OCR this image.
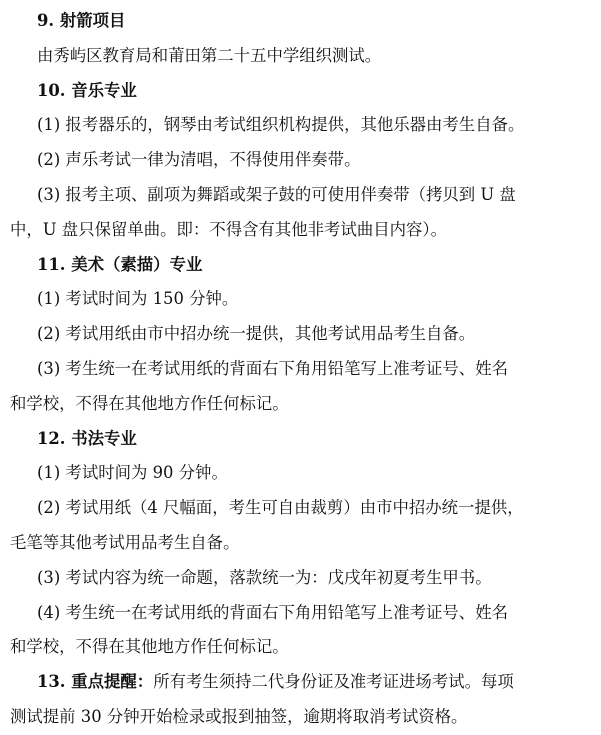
9. 射箭项目
由秀屿区教育局和莆田第二十五中学组织测试。
10. 音乐专业
(1) 报考器乐的，钢琴由考试组织机构提供，其他乐器由考生自备。
(2) 声乐考试一律为清唱，不得使用伴奏带。
(3) 报考主项、副项为舞蹈或架子鼓的可使用伴奏带（拷贝到 U 盘
中，U 盘只保留单曲。即：不得含有其他非考试曲目内容）。
11. 美术（素描）专业
(1) 考试时间为 150 分钟。
(2) 考试用纸由市中招办统一提供，其他考试用品考生自备。
(3) 考生统一在考试用纸的背面右下角用铅笔写上准考证号、姓名
和学校，不得在其他地方作任何标记。
12. 书法专业
(1) 考试时间为 90 分钟。
(2) 考试用纸（4 尺幅面，考生可自由裁剪）由市中招办统一提供，
毛笔等其他考试用品考生自备。
(3) 考试内容为统一命题，落款统一为：戊戌年初夏考生甲书。
(4) 考生统一在考试用纸的背面右下角用铅笔写上准考证号、姓名
和学校，不得在其他地方作任何标记。
13. 重点提醒：所有考生须持二代身份证及准考证进场考试。每项
测试提前 30 分钟开始检录或报到抽签，逾期将取消考试资格。
